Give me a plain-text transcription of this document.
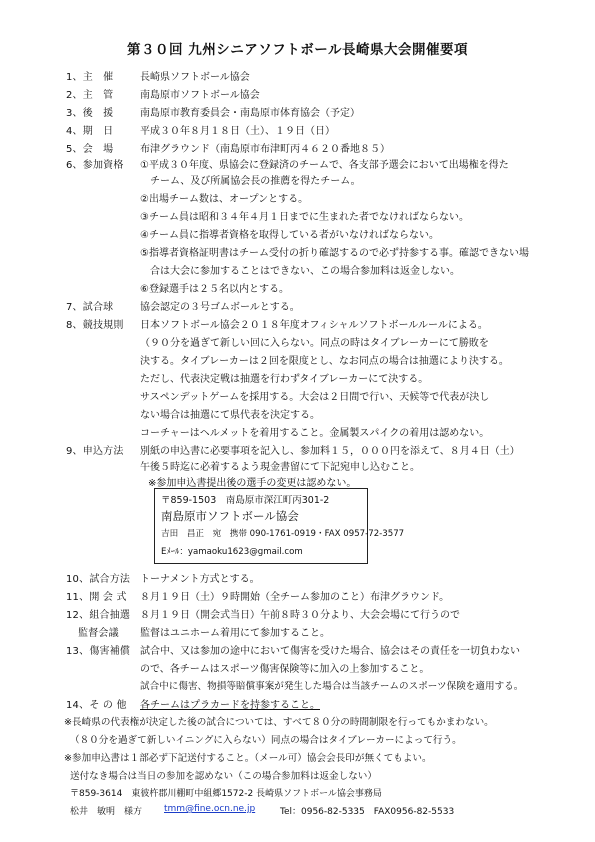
第３０回 九州シニアソフトボール長崎県大会開催要項
1、主　催	長崎県ソフトボール協会
2、主　管	南島原市ソフトボール協会
3、後　援	南島原市教育委員会・南島原市体育協会（予定）
4、期　日	平成３０年８月１８日（土）、１９日（日）
5、会　場	布津グラウンド（南島原市布津町丙４６２０番地８５）
6、参加資格 ①平成３０年度、県協会に登録済のチームで、各支部予選会において出場権を得た
　チーム、及び所属協会長の推薦を得たチーム。
②出場チーム数は、オープンとする。
③チーム員は昭和３４年４月１日までに生まれた者でなければならない。
④チーム員に指導者資格を取得している者がいなければならない。
⑤指導者資格証明書はチーム受付の折り確認するので必ず持参する事。確認できない場
　合は大会に参加することはできない、この場合参加料は返金しない。
⑥登録選手は２５名以内とする。
7、試合球	協会認定の３号ゴムボールとする。
8、競技規則 日本ソフトボール協会２０１８年度オフィシャルソフトボールルールによる。
（９０分を過ぎて新しい回に入らない。同点の時はタイブレーカーにて勝敗を
決する。タイブレーカーは２回を限度とし、なお同点の場合は抽選により決する。
ただし、代表決定戦は抽選を行わずタイブレーカーにて決する。
サスペンデットゲームを採用する。大会は２日間で行い、天候等で代表が決し
ない場合は抽選にて県代表を決定する。
コーチャーはヘルメットを着用すること。金属製スパイクの着用は認めない。
9、申込方法 別紙の申込書に必要事項を記入し、参加料１５，０００円を添えて、８月４日（土）
午後５時迄に必着するよう現金書留にて下記宛申し込むこと。
※参加申込書提出後の選手の変更は認めない。
〒859-1503　南島原市深江町丙301-2
南島原市ソフトボール協会
吉田　昌正　宛　携帯 090-1761-0919・FAX 0957-72-3577
Eﾒｰﾙ：yamaoku1623@gmail.com
10、試合方法 トーナメント方式とする。
11、開 会 式 ８月１９日（土）９時開始（全チーム参加のこと）布津グラウンド。
12、組合抽選 ８月１９日（開会式当日）午前８時３０分より、大会会場にて行うので
監督会議 監督はユニホーム着用にて参加すること。
13、傷害補償 試合中、又は参加の途中において傷害を受けた場合、協会はその責任を一切負わない
ので、各チームはスポーツ傷害保険等に加入の上参加すること。
試合中に傷害、物損等賠償事案が発生した場合は当該チームのスポーツ保険を適用する。
14、そ の 他 各チームはプラカードを持参すること。
※長崎県の代表権が決定した後の試合については、すべて８０分の時間制限を行ってもかまわない。
（８０分を過ぎて新しいイニングに入らない）同点の場合はタイブレーカーによって行う。
※参加申込書は１部必ず下記送付すること。（メール可）協会会長印が無くてもよい。
送付なき場合は当日の参加を認めない（この場合参加料は返金しない）
〒859-3614　東彼杵郡川棚町中組郷1572-2 長崎県ソフトボール協会事務局
松井　敏明　様方 tmm@fine.ocn.ne.jp	Tel：0956-82-5335　FAX0956-82-5533
